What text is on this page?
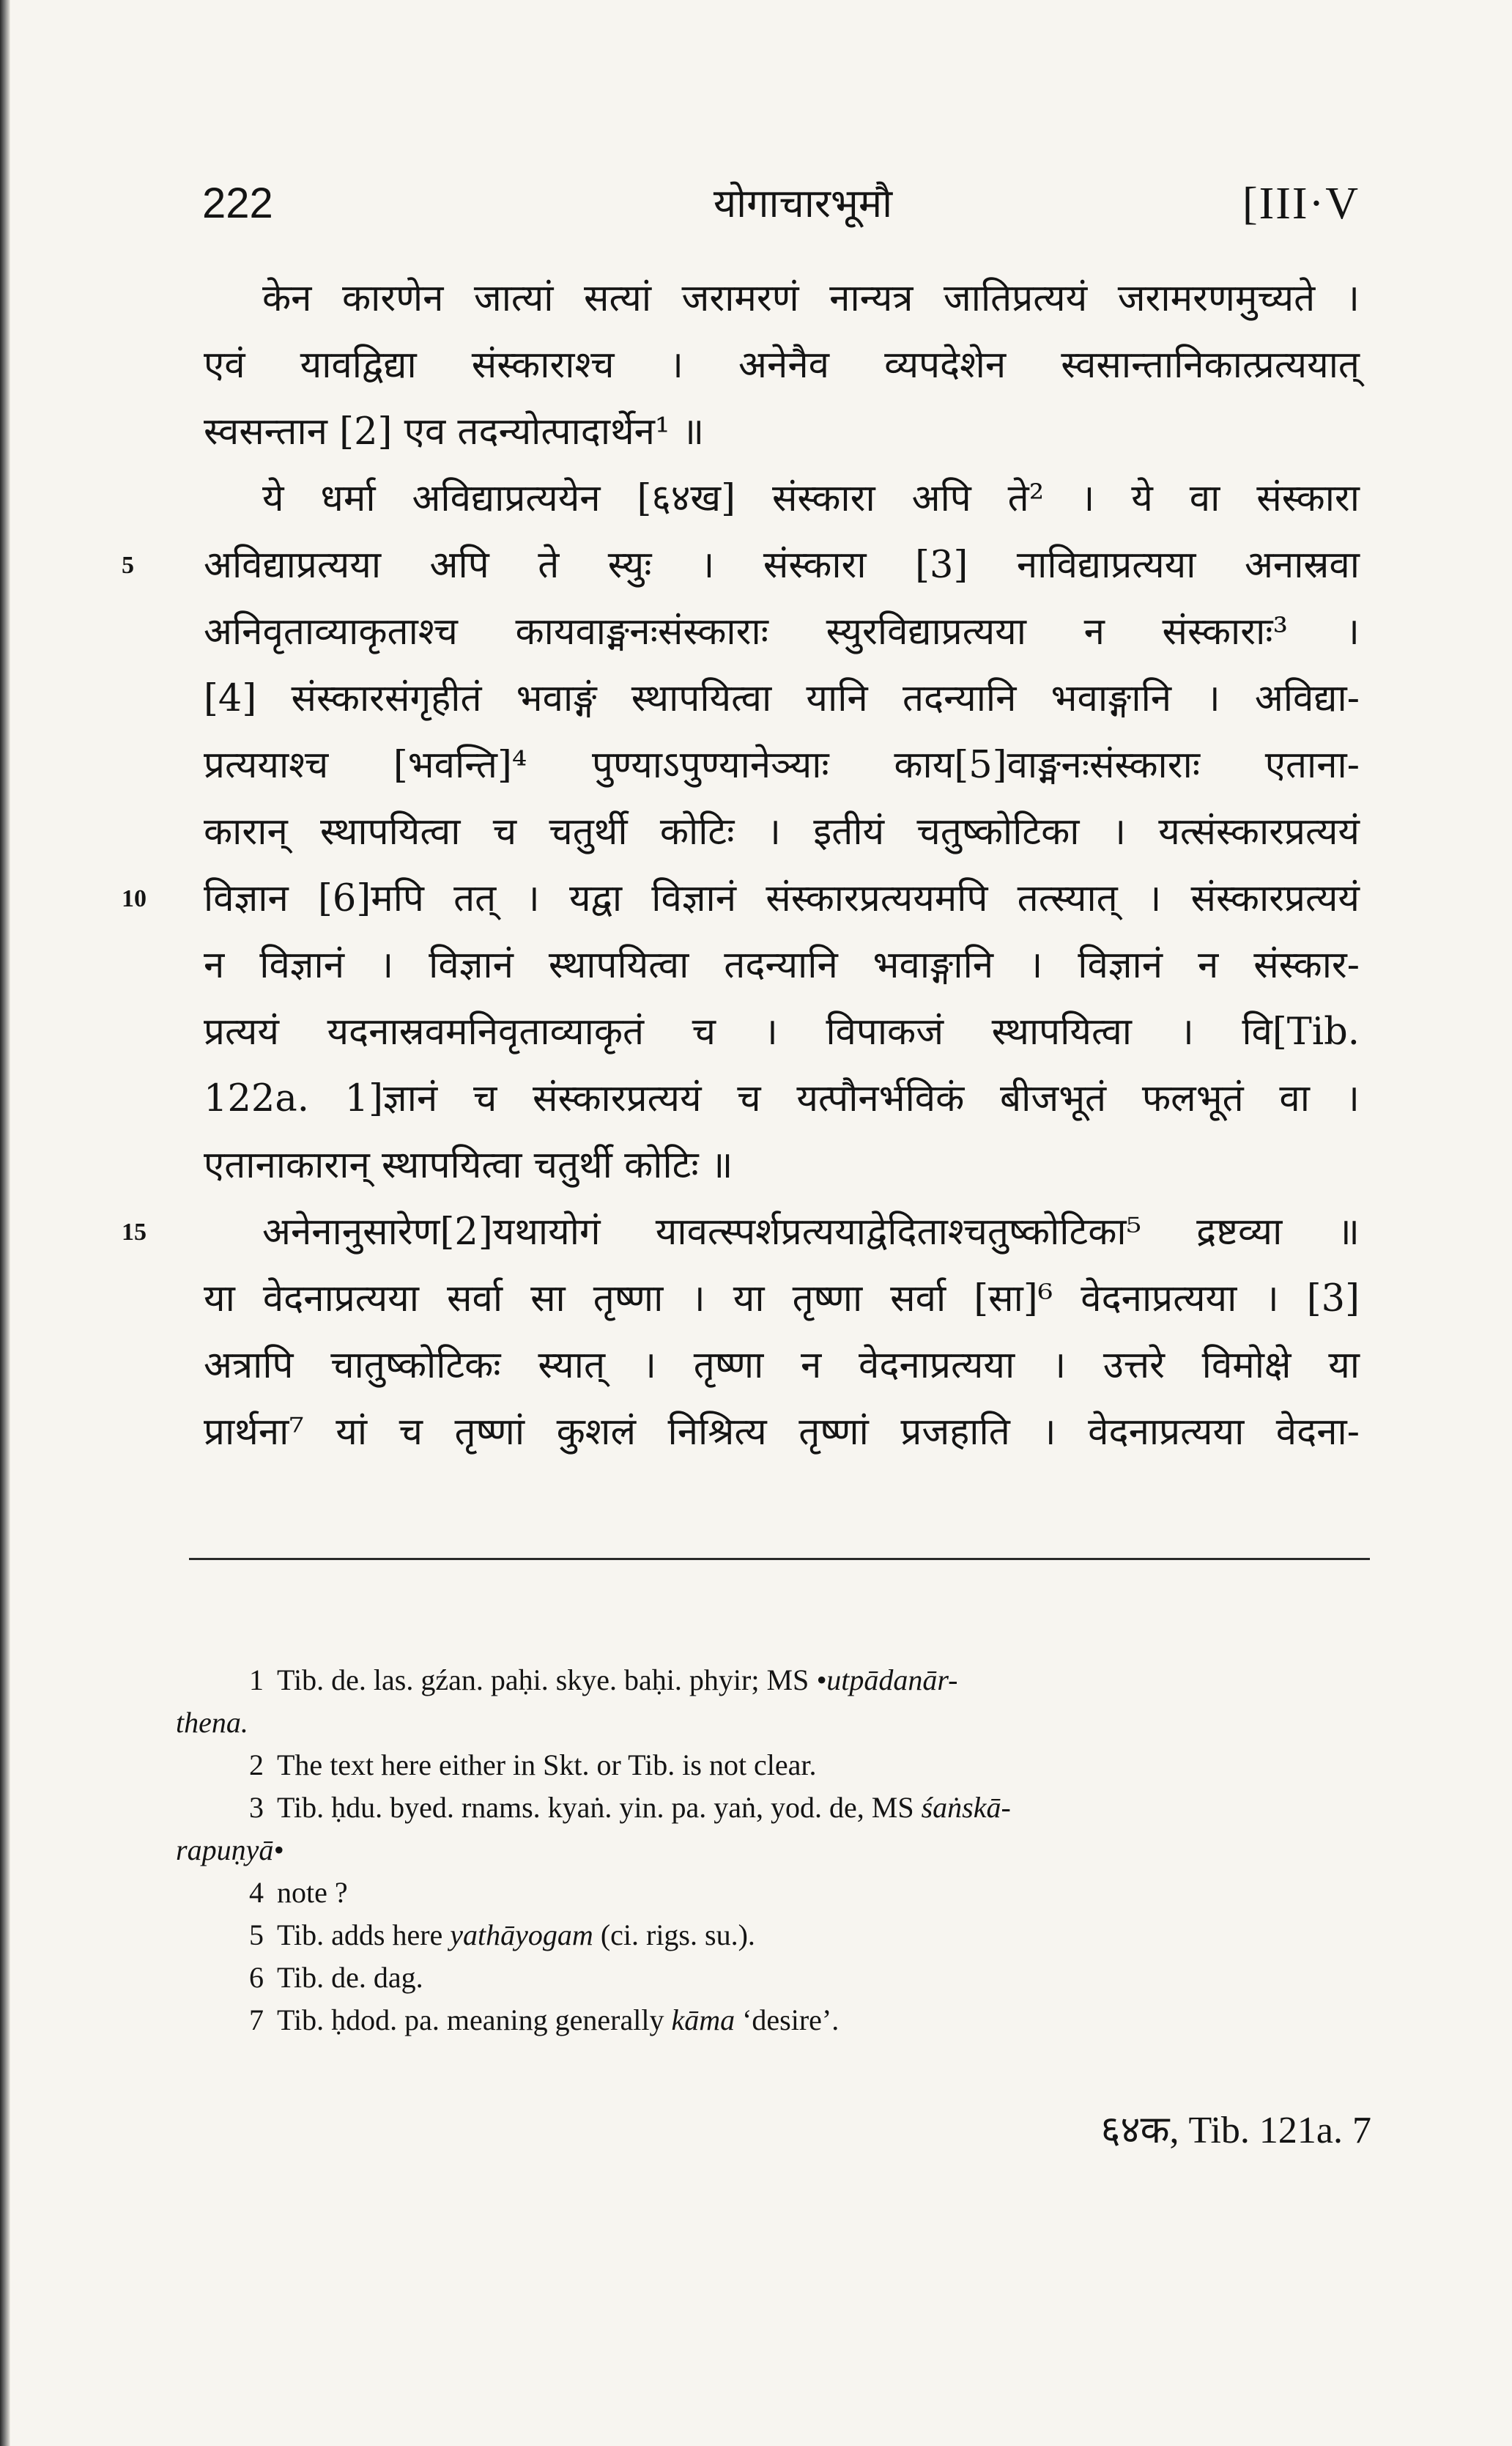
222	योगाचारभूमौ	[III·V
केन कारणेन जात्यां सत्यां जरामरणं नान्यत्र जातिप्रत्ययं जरामरणमुच्यते ।
एवं यावद्विद्या संस्काराश्च । अनेनैव व्यपदेशेन स्वसान्तानिकात्प्रत्ययात्
स्वसन्तान [2] एव तदन्योत्पादार्थेन¹ ॥
ये धर्मा अविद्याप्रत्ययेन [६४ख] संस्कारा अपि ते² । ये वा संस्कारा
5 अविद्याप्रत्यया अपि ते स्युः । संस्कारा [3] नाविद्याप्रत्यया अनास्रवा
अनिवृताव्याकृताश्च कायवाङ्मनःसंस्काराः स्युरविद्याप्रत्यया न संस्काराः³ ।
[4] संस्कारसंगृहीतं भवाङ्गं स्थापयित्वा यानि तदन्यानि भवाङ्गानि । अविद्या-
प्रत्ययाश्च [भवन्ति]⁴ पुण्याऽपुण्यानेञ्याः काय[5]वाङ्मनःसंस्काराः एताना-
कारान् स्थापयित्वा च चतुर्थी कोटिः । इतीयं चतुष्कोटिका । यत्संस्कारप्रत्ययं
10 विज्ञान [6]मपि तत् । यद्वा विज्ञानं संस्कारप्रत्ययमपि तत्स्यात् । संस्कारप्रत्ययं
न विज्ञानं । विज्ञानं स्थापयित्वा तदन्यानि भवाङ्गानि । विज्ञानं न संस्कार-
प्रत्ययं यदनास्रवमनिवृताव्याकृतं च । विपाकजं स्थापयित्वा । वि[Tib.
122a. 1]ज्ञानं च संस्कारप्रत्ययं च यत्पौनर्भविकं बीजभूतं फलभूतं वा ।
एतानाकारान् स्थापयित्वा चतुर्थी कोटिः ॥
15	अनेनानुसारेण[2]यथायोगं यावत्स्पर्शप्रत्ययाद्वेदिताश्चतुष्कोटिका⁵ द्रष्टव्या ॥
या वेदनाप्रत्यया सर्वा सा तृष्णा । या तृष्णा सर्वा [सा]⁶ वेदनाप्रत्यया । [3]
अत्रापि चातुष्कोटिकः स्यात् । तृष्णा न वेदनाप्रत्यया । उत्तरे विमोक्षे या
प्रार्थना⁷ यां च तृष्णां कुशलं निश्रित्य तृष्णां प्रजहाति । वेदनाप्रत्यया वेदना-
1 Tib. de. las. gźan. paḥi. skye. baḥi. phyir; MS •utpādanār-
thena.
2 The text here either in Skt. or Tib. is not clear.
3 Tib. ḥdu. byed. rnams. kyaṅ. yin. pa. yaṅ, yod. de, MS śaṅskā-
rapuṇyā•
4 note ?
5 Tib. adds here yathāyogam (ci. rigs. su.).
6 Tib. de. dag.
7 Tib. ḥdod. pa. meaning generally kāma ‘desire’.
६४क, Tib. 121a. 7
